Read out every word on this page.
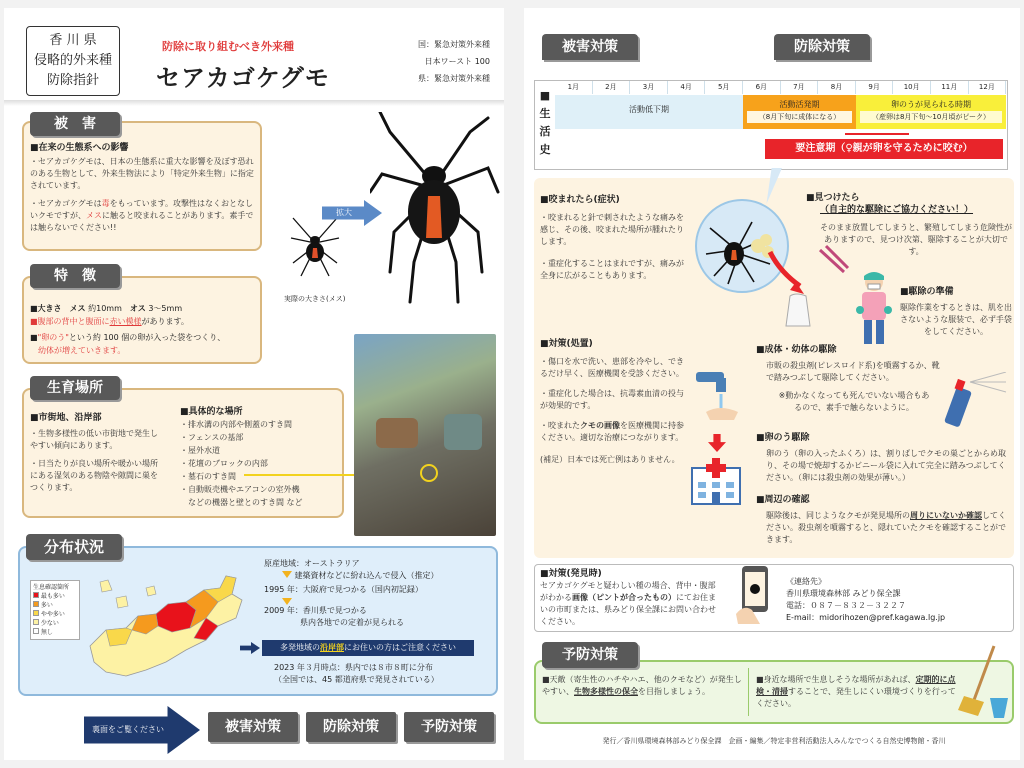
香 川 県
侵略的外来種
防除指針
防除に取り組むべき外来種
セアカゴケグモ
国：緊急対策外来種
日本ワースト 100
県：緊急対策外来種
被　害
■在来の生態系への影響
・セアカゴケグモは、日本の生態系に重大な影響を及ぼす恐れのある生物として、外来生物法により「特定外来生物」に指定されています。
・セアカゴケグモは毒をもっています。攻撃性はなくおとなしいクモですが、メスに触ると咬まれることがあります。素手では触らないでください!!
拡大
実際の大きさ(メス)
特　徴
■大きさ　 メス 約10mm　 オス 3～5mm
■腹部の背中と腹面に赤い模様があります。
■"卵のう"という約 100 個の卵が入った袋をつくり、
幼体が増えていきます。
生育場所
■市街地、沿岸部
・生物多様性の低い市街地で発生しやすい傾向にあります。
・日当たりが良い場所や暖かい場所にある湿気のある物陰や隙間に巣をつくります。
■具体的な場所
・排水溝の内部や側蓋のすき間
・フェンスの基部
・屋外水道
・花壇のブロックの内部
・墓石のすき間
・自動販売機やエアコンの室外機
　などの機器と壁とのすき間 など
分布状況
生息確認箇所
最も多い
多い
やや多い
少ない
無し
原産地域：オーストラリア
建築資材などに紛れ込んで侵入（推定）
1995 年：大阪府で見つかる（国内初記録）
2009 年：香川県で見つかる
県内各地での定着が見られる
多発地域の沿岸部にお住いの方はご注意ください
2023 年３月時点：県内では８市８町に分布
（全国では、45 都道府県で発見されている）
裏面をご覧ください	被害対策	防除対策	予防対策
被害対策	防除対策
■
生
活
史
1月	2月	3月	4月	5月	6月	7月	8月	9月	10月	11月	12月
活動低下期
活動活発期
（8月下旬に成体になる）
卵のうが見られる時期
（産卵は8月下旬～10月頃がピーク）
要注意期（♀親が卵を守るために咬む）
■咬まれたら(症状)
・咬まれると針で刺されたような痛みを感じ、その後、咬まれた場所が腫れたりします。
・重症化することはまれですが、痛みが全身に広がることもあります。
■見つけたら
（自主的な駆除にご協力ください！）
そのまま放置してしまうと、繁殖してしまう危険性がありますので、見つけ次第、駆除することが大切です。
■駆除の準備
駆除作業をするときは、肌を出さないような服装で、必ず手袋をしてください。
■対策(処置)
・傷口を水で洗い、患部を冷やし、できるだけ早く、医療機関を受診ください。
・重症化した場合は、抗毒素血清の投与が効果的です。
・咬まれたクモの画像を医療機関に持参ください。適切な治療につながります。
(補足）日本では死亡例はありません。
■成体・幼体の駆除
市販の殺虫剤(ピレスロイド系)を噴霧するか、靴で踏みつぶして駆除してください。
※動かなくなっても死んでいない場合もあるので、素手で触らないように。
■卵のう駆除
卵のう（卵の入ったふくろ）は、割りばしでクモの巣ごとからめ取り、その場で焼却するかビニール袋に入れて完全に踏みつぶしてください。（卵には殺虫剤の効果が薄い。）
■周辺の確認
駆除後は、同じようなクモが発見場所の周りにいないか確認してください。殺虫剤を噴霧すると、隠れていたクモを確認することができます。
■対策(発見時)
セアカゴケグモと疑わしい種の場合、背中・腹部がわかる画像（ピントが合ったもの）にてお住まいの市町または、県みどり保全課にお問い合わせください。
《連絡先》
香川県環境森林部 みどり保全課
電話：０８７－８３２－３２２７
E-mail：midorihozen@pref.kagawa.lg.jp
予防対策
■天敵（寄生性のハチやハエ、他のクモなど）が発生しやすい、生物多様性の保全を目指しましょう。
■身近な場所で生息しそうな場所があれば、定期的に点検・清掃することで、発生しにくい環境づくりを行ってください。
発行／香川県環境森林部みどり保全課　企画・編集／特定非営利活動法人みんなでつくる自然史博物館・香川
